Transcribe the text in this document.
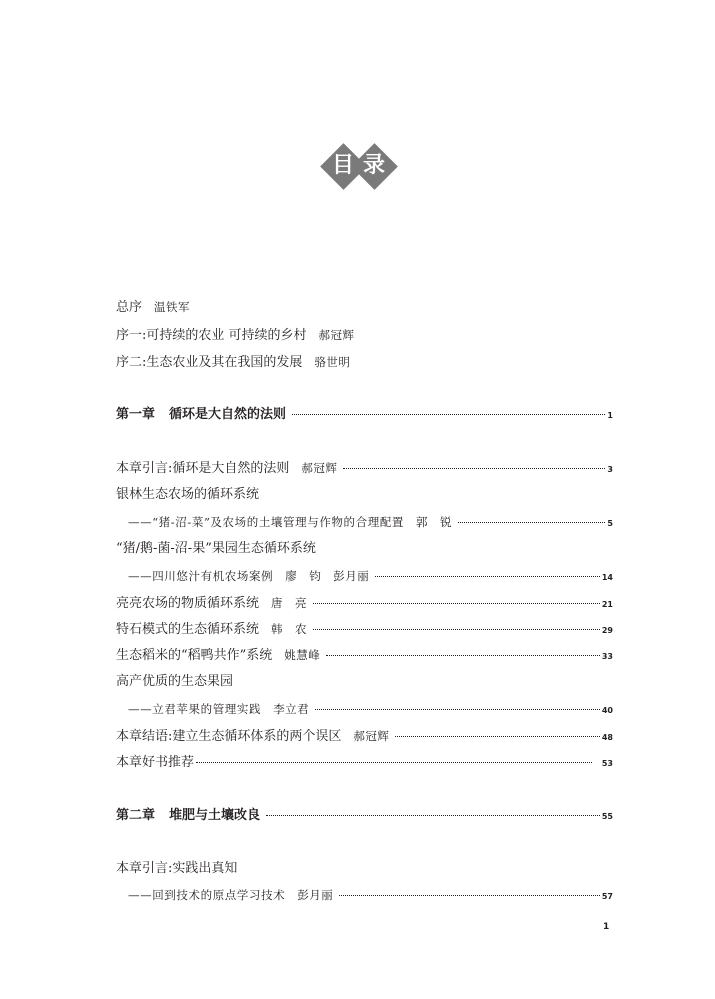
目 录
总序 温铁军
序一:可持续的农业 可持续的乡村 郝冠辉
序二:生态农业及其在我国的发展 骆世明
第一章 循环是大自然的法则	1
本章引言:循环是大自然的法则 郝冠辉	3
银林生态农场的循环系统
——“猪-沼-菜”及农场的土壤管理与作物的合理配置 郭　锐	5
“猪/鹅-菌-沼-果”果园生态循环系统
——四川悠汁有机农场案例 廖　钧　彭月丽	14
亮亮农场的物质循环系统 唐　亮	21
特石模式的生态循环系统 韩　农	29
生态稻米的“稻鸭共作”系统 姚慧峰	33
高产优质的生态果园
——立君苹果的管理实践 李立君	40
本章结语:建立生态循环体系的两个误区 郝冠辉	48
本章好书推荐	53
第二章 堆肥与土壤改良	55
本章引言:实践出真知
——回到技术的原点学习技术 彭月丽	57
1
